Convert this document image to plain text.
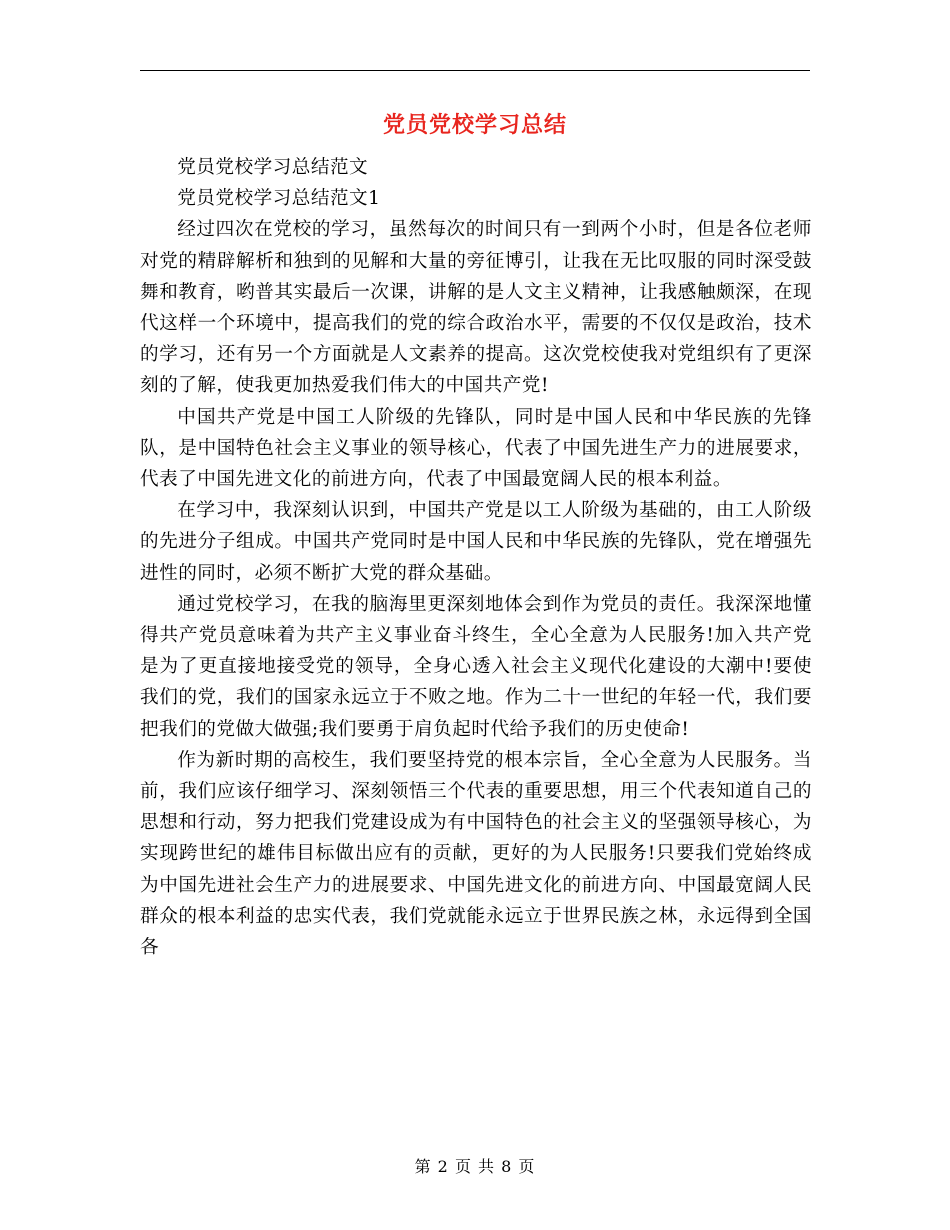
党员党校学习总结

党员党校学习总结范文

党员党校学习总结范文1

经过四次在党校的学习，虽然每次的时间只有一到两个小时，但是各位老师对党的精辟解析和独到的见解和大量的旁征博引，让我在无比叹服的同时深受鼓舞和教育，哟普其实最后一次课，讲解的是人文主义精神，让我感触颇深，在现代这样一个环境中，提高我们的党的综合政治水平，需要的不仅仅是政治，技术的学习，还有另一个方面就是人文素养的提高。这次党校使我对党组织有了更深刻的了解，使我更加热爱我们伟大的中国共产党!

中国共产党是中国工人阶级的先锋队，同时是中国人民和中华民族的先锋队，是中国特色社会主义事业的领导核心，代表了中国先进生产力的进展要求，代表了中国先进文化的前进方向，代表了中国最宽阔人民的根本利益。

在学习中，我深刻认识到，中国共产党是以工人阶级为基础的，由工人阶级的先进分子组成。中国共产党同时是中国人民和中华民族的先锋队，党在增强先进性的同时，必须不断扩大党的群众基础。

通过党校学习，在我的脑海里更深刻地体会到作为党员的责任。我深深地懂得共产党员意味着为共产主义事业奋斗终生，全心全意为人民服务!加入共产党是为了更直接地接受党的领导，全身心透入社会主义现代化建设的大潮中!要使我们的党，我们的国家永远立于不败之地。作为二十一世纪的年轻一代，我们要把我们的党做大做强;我们要勇于肩负起时代给予我们的历史使命!

作为新时期的高校生，我们要坚持党的根本宗旨，全心全意为人民服务。当前，我们应该仔细学习、深刻领悟三个代表的重要思想，用三个代表知道自己的思想和行动，努力把我们党建设成为有中国特色的社会主义的坚强领导核心，为实现跨世纪的雄伟目标做出应有的贡献，更好的为人民服务!只要我们党始终成为中国先进社会生产力的进展要求、中国先进文化的前进方向、中国最宽阔人民群众的根本利益的忠实代表，我们党就能永远立于世界民族之林，永远得到全国各

第 2 页 共 8 页
